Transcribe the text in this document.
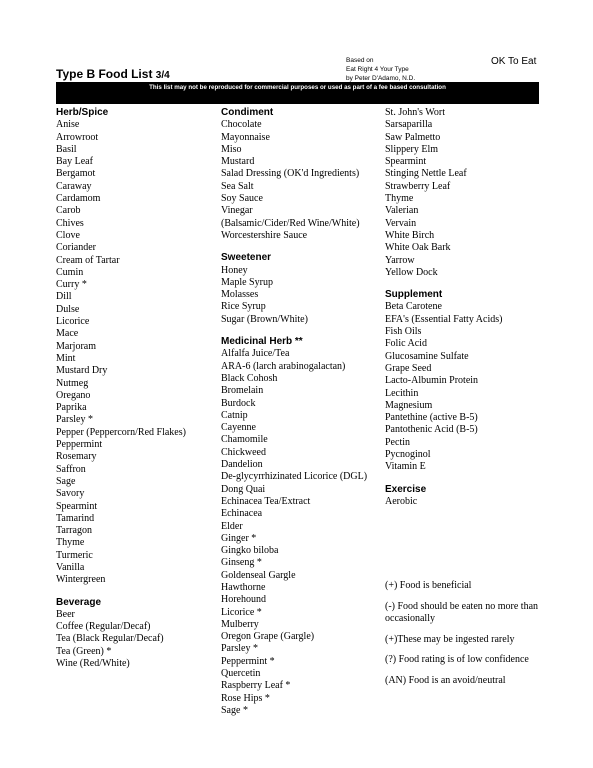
Type B Food List 3/4
Based on
Eat Right 4 Your Type
by Peter D'Adamo, N.D.
OK To Eat
This list may not be reproduced for commercial purposes or used as part of a fee based consultation
Herb/Spice
Anise
Arrowroot
Basil
Bay Leaf
Bergamot
Caraway
Cardamom
Carob
Chives
Clove
Coriander
Cream of Tartar
Cumin
Curry *
Dill
Dulse
Licorice
Mace
Marjoram
Mint
Mustard Dry
Nutmeg
Oregano
Paprika
Parsley *
Pepper (Peppercorn/Red Flakes)
Peppermint
Rosemary
Saffron
Sage
Savory
Spearmint
Tamarind
Tarragon
Thyme
Turmeric
Vanilla
Wintergreen
Beverage
Beer
Coffee (Regular/Decaf)
Tea (Black Regular/Decaf)
Tea (Green) *
Wine (Red/White)
Condiment
Chocolate
Mayonnaise
Miso
Mustard
Salad Dressing (OK'd Ingredients)
Sea Salt
Soy Sauce
Vinegar
(Balsamic/Cider/Red Wine/White)
Worcestershire Sauce
Sweetener
Honey
Maple Syrup
Molasses
Rice Syrup
Sugar (Brown/White)
Medicinal Herb **
Alfalfa Juice/Tea
ARA-6 (larch arabinogalactan)
Black Cohosh
Bromelain
Burdock
Catnip
Cayenne
Chamomile
Chickweed
Dandelion
De-glycyrrhizinated Licorice (DGL)
Dong Quai
Echinacea Tea/Extract
Echinacea
Elder
Ginger *
Gingko biloba
Ginseng *
Goldenseal Gargle
Hawthorne
Horehound
Licorice *
Mulberry
Oregon Grape (Gargle)
Parsley *
Peppermint *
Quercetin
Raspberry Leaf *
Rose Hips *
Sage *
St. John's Wort
Sarsaparilla
Saw Palmetto
Slippery Elm
Spearmint
Stinging Nettle Leaf
Strawberry Leaf
Thyme
Valerian
Vervain
White Birch
White Oak Bark
Yarrow
Yellow Dock
Supplement
Beta Carotene
EFA's (Essential Fatty Acids)
Fish Oils
Folic Acid
Glucosamine Sulfate
Grape Seed
Lacto-Albumin Protein
Lecithin
Magnesium
Pantethine (active B-5)
Pantothenic Acid (B-5)
Pectin
Pycnoginol
Vitamin E
Exercise
Aerobic
(+) Food is beneficial
(-) Food should be eaten no more than occasionally
(+)These may be ingested rarely
(?) Food rating is of low confidence
(AN) Food is an avoid/neutral
